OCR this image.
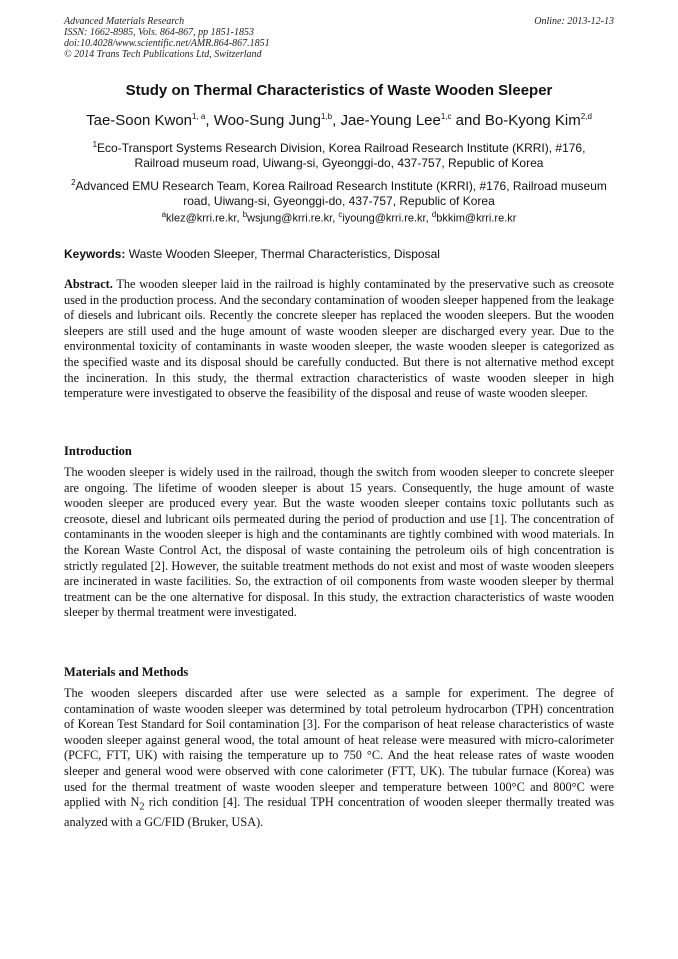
Advanced Materials Research
ISSN: 1662-8985, Vols. 864-867, pp 1851-1853
doi:10.4028/www.scientific.net/AMR.864-867.1851
© 2014 Trans Tech Publications Ltd, Switzerland
Online: 2013-12-13
Study on Thermal Characteristics of Waste Wooden Sleeper
Tae-Soon Kwon$^{1, a}$, Woo-Sung Jung$^{1,b}$, Jae-Young Lee$^{1,c}$ and Bo-Kyong Kim$^{2,d}$
$^1$Eco-Transport Systems Research Division, Korea Railroad Research Institute (KRRI), #176, Railroad museum road, Uiwang-si, Gyeonggi-do, 437-757, Republic of Korea
$^2$Advanced EMU Research Team, Korea Railroad Research Institute (KRRI), #176, Railroad museum road, Uiwang-si, Gyeonggi-do, 437-757, Republic of Korea
$^a$klez@krri.re.kr, $^b$wsjung@krri.re.kr, $^c$iyoung@krri.re.kr, $^d$bkkim@krri.re.kr
Keywords: Waste Wooden Sleeper, Thermal Characteristics, Disposal
Abstract. The wooden sleeper laid in the railroad is highly contaminated by the preservative such as creosote used in the production process. And the secondary contamination of wooden sleeper happened from the leakage of diesels and lubricant oils. Recently the concrete sleeper has replaced the wooden sleepers. But the wooden sleepers are still used and the huge amount of waste wooden sleeper are discharged every year. Due to the environmental toxicity of contaminants in waste wooden sleeper, the waste wooden sleeper is categorized as the specified waste and its disposal should be carefully conducted. But there is not alternative method except the incineration. In this study, the thermal extraction characteristics of waste wooden sleeper in high temperature were investigated to observe the feasibility of the disposal and reuse of waste wooden sleeper.
Introduction
The wooden sleeper is widely used in the railroad, though the switch from wooden sleeper to concrete sleeper are ongoing. The lifetime of wooden sleeper is about 15 years. Consequently, the huge amount of waste wooden sleeper are produced every year. But the waste wooden sleeper contains toxic pollutants such as creosote, diesel and lubricant oils permeated during the period of production and use [1]. The concentration of contaminants in the wooden sleeper is high and the contaminants are tightly combined with wood materials. In the Korean Waste Control Act, the disposal of waste containing the petroleum oils of high concentration is strictly regulated [2]. However, the suitable treatment methods do not exist and most of waste wooden sleepers are incinerated in waste facilities. So, the extraction of oil components from waste wooden sleeper by thermal treatment can be the one alternative for disposal. In this study, the extraction characteristics of waste wooden sleeper by thermal treatment were investigated.
Materials and Methods
The wooden sleepers discarded after use were selected as a sample for experiment. The degree of contamination of waste wooden sleeper was determined by total petroleum hydrocarbon (TPH) concentration of Korean Test Standard for Soil contamination [3]. For the comparison of heat release characteristics of waste wooden sleeper against general wood, the total amount of heat release were measured with micro-calorimeter (PCFC, FTT, UK) with raising the temperature up to 750 °C. And the heat release rates of waste wooden sleeper and general wood were observed with cone calorimeter (FTT, UK). The tubular furnace (Korea) was used for the thermal treatment of waste wooden sleeper and temperature between 100°C and 800°C were applied with $N_2$ rich condition [4]. The residual TPH concentration of wooden sleeper thermally treated was analyzed with a GC/FID (Bruker, USA).
